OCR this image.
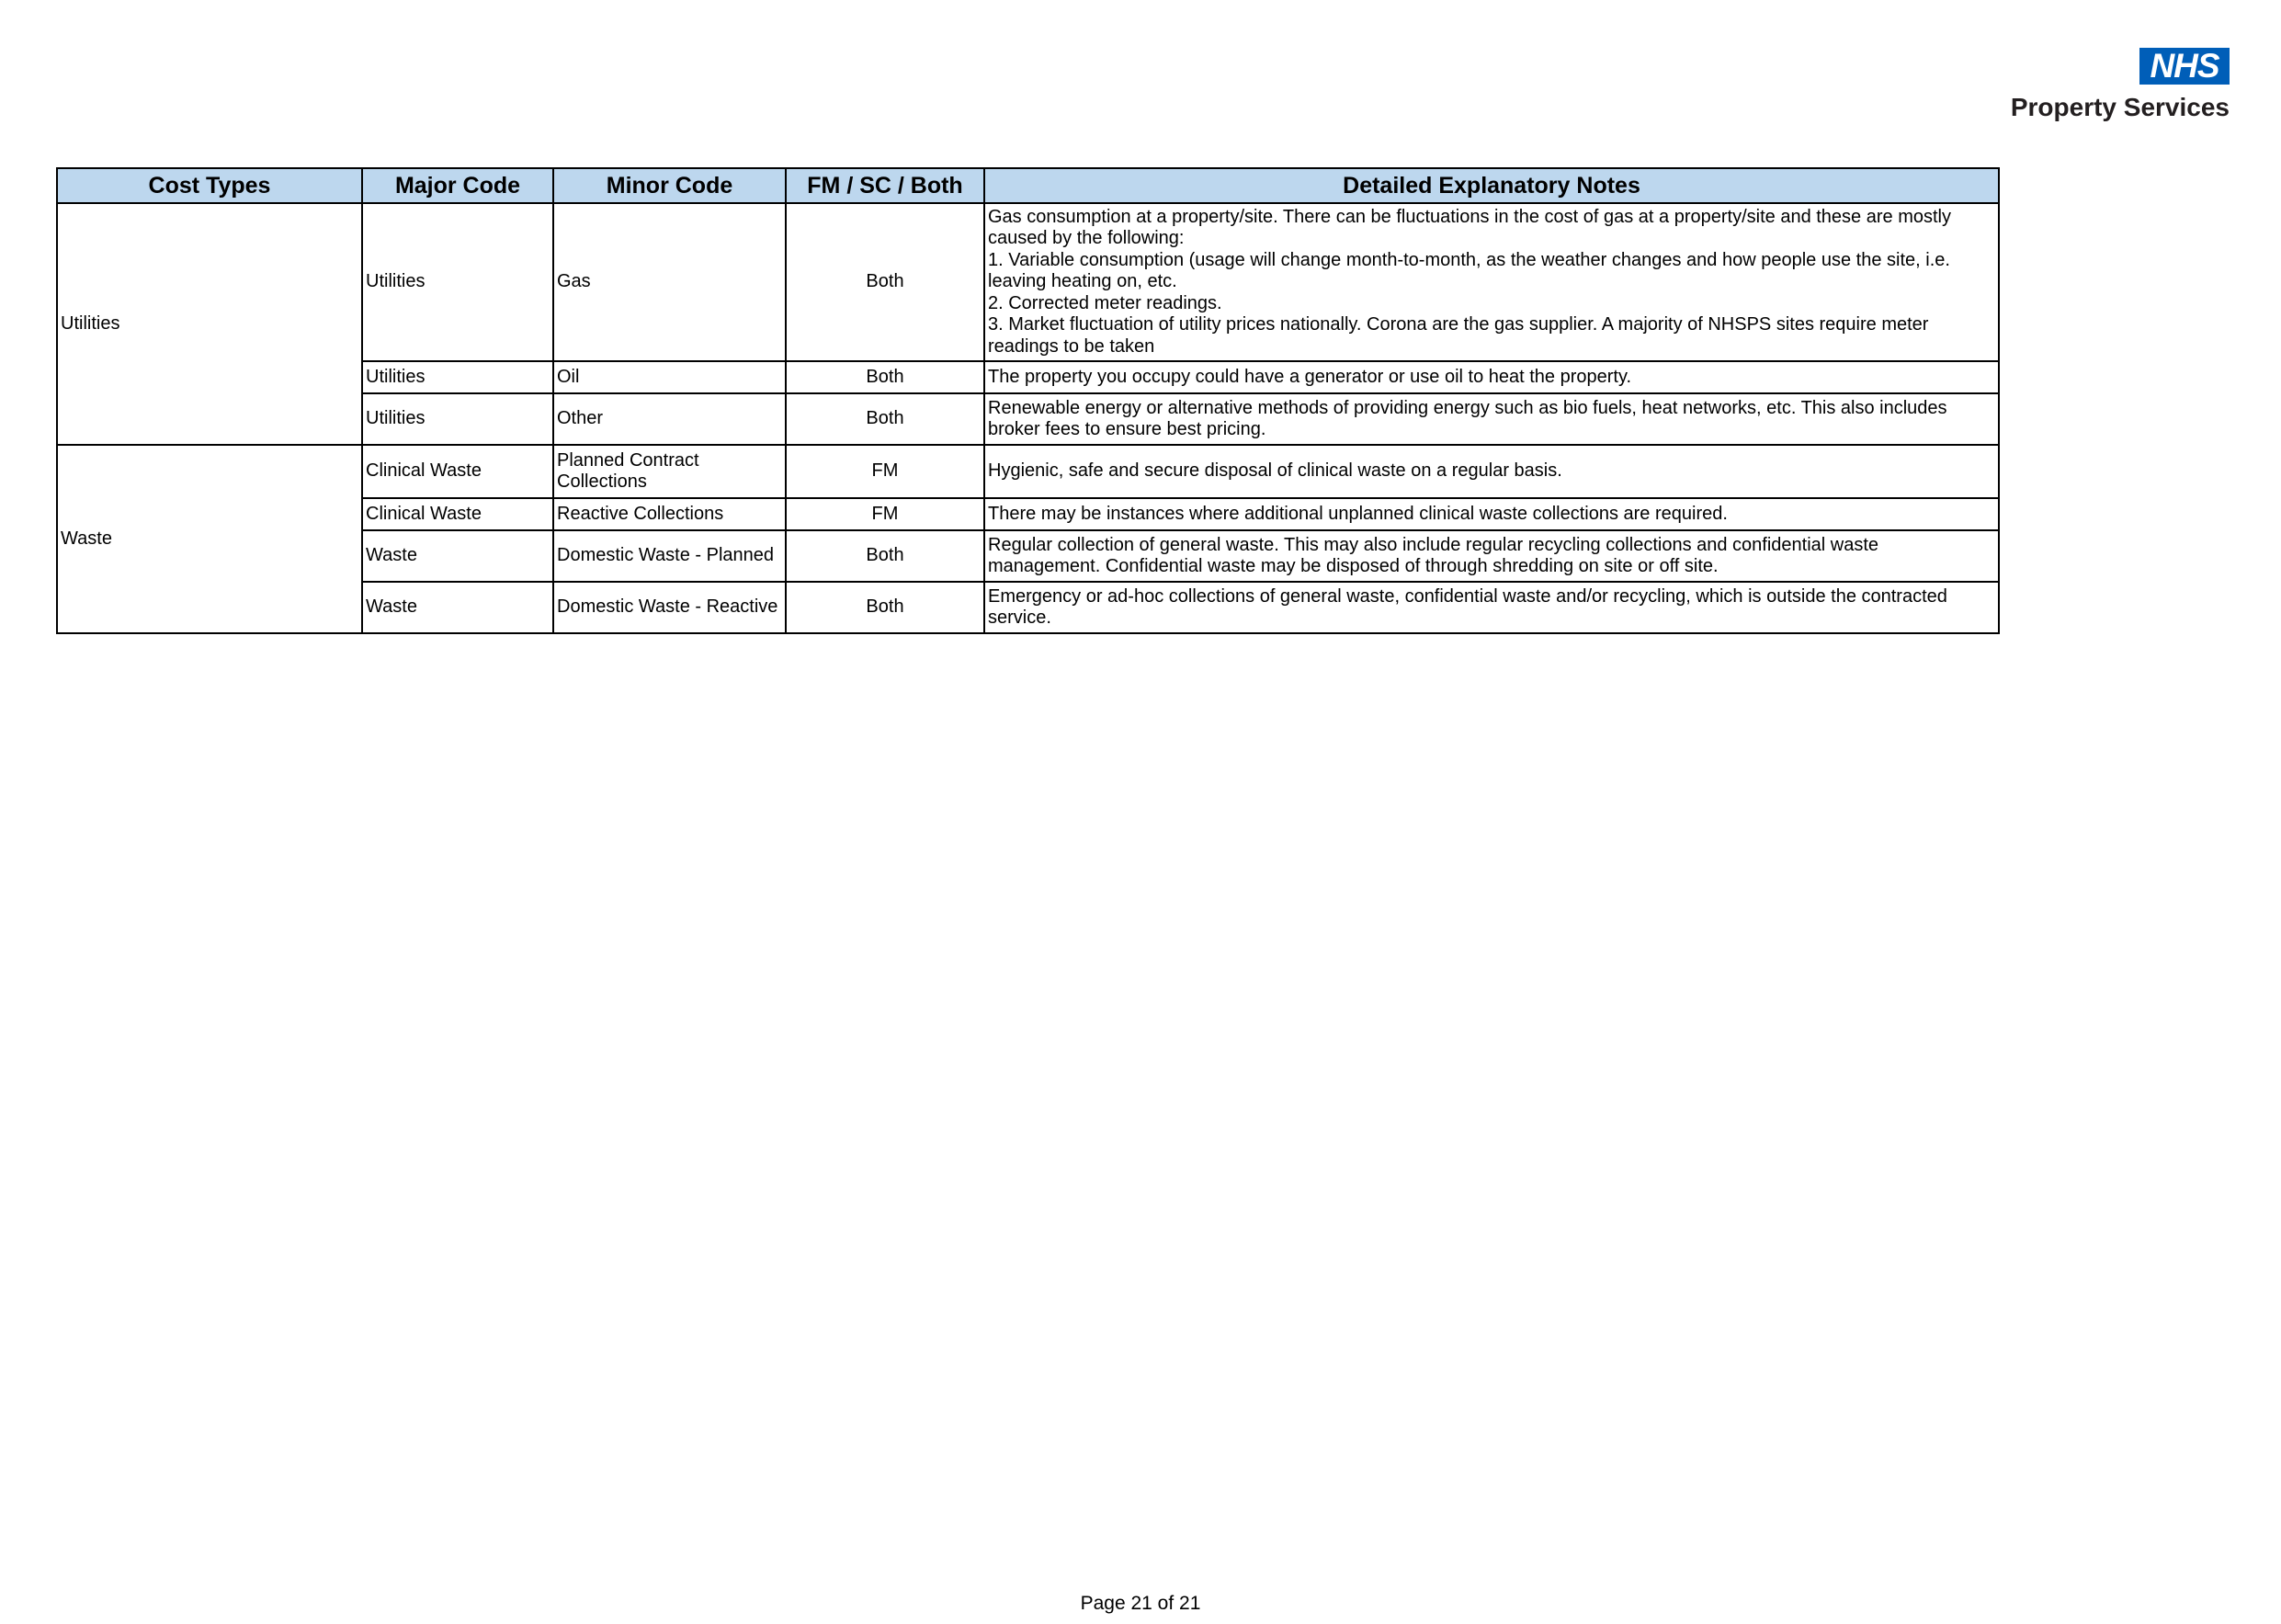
NHS
Property Services
Cost Types	Major Code	Minor Code	FM / SC / Both	Detailed Explanatory Notes
Utilities	Utilities	Gas	Both	Gas consumption at a property/site. There can be fluctuations in the cost of gas at a property/site and these are mostly caused by the following:
1. Variable consumption (usage will change month-to-month, as the weather changes and how people use the site, i.e. leaving heating on, etc.
2. Corrected meter readings.
3. Market fluctuation of utility prices nationally. Corona are the gas supplier. A majority of NHSPS sites require meter readings to be taken

	Utilities	Oil	Both	The property you occupy could have a generator or use oil to heat the property.
	Utilities	Other	Both	Renewable energy or alternative methods of providing energy such as bio fuels, heat networks, etc. This also includes broker fees to ensure best pricing.
Waste	Clinical Waste	Planned Contract Collections	FM	Hygienic, safe and secure disposal of clinical waste on a regular basis.
	Clinical Waste	Reactive Collections	FM	There may be instances where additional unplanned clinical waste collections are required.
	Waste	Domestic Waste - Planned	Both	Regular collection of general waste. This may also include regular recycling collections and confidential waste management. Confidential waste may be disposed of through shredding on site or off site.
	Waste	Domestic Waste - Reactive	Both	Emergency or ad-hoc collections of general waste, confidential waste and/or recycling, which is outside the contracted service.
Page 21 of 21
